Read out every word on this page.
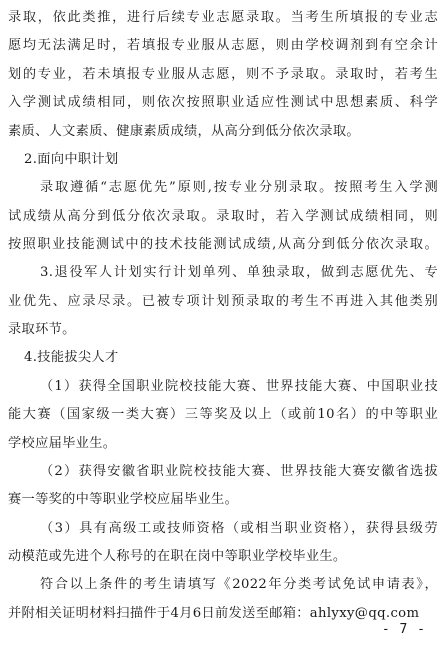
录取，依此类推，进行后续专业志愿录取。当考生所填报的专业志
愿均无法满足时，若填报专业服从志愿，则由学校调剂到有空余计
划的专业，若未填报专业服从志愿，则不予录取。录取时，若考生
入学测试成绩相同，则依次按照职业适应性测试中思想素质、科学
素质、人文素质、健康素质成绩，从高分到低分依次录取。
2.面向中职计划
录取遵循“志愿优先”原则,按专业分别录取。按照考生入学测
试成绩从高分到低分依次录取。录取时，若入学测试成绩相同，则
按照职业技能测试中的技术技能测试成绩,从高分到低分依次录取。
3.退役军人计划实行计划单列、单独录取，做到志愿优先、专
业优先、应录尽录。已被专项计划预录取的考生不再进入其他类别
录取环节。
4.技能拔尖人才
（1）获得全国职业院校技能大赛、世界技能大赛、中国职业技
能大赛（国家级一类大赛）三等奖及以上（或前10名）的中等职业
学校应届毕业生。
（2）获得安徽省职业院校技能大赛、世界技能大赛安徽省选拔
赛一等奖的中等职业学校应届毕业生。
（3）具有高级工或技师资格（或相当职业资格），获得县级劳
动模范或先进个人称号的在职在岗中等职业学校毕业生。
符合以上条件的考生请填写《2022年分类考试免试申请表》，
并附相关证明材料扫描件于4月6日前发送至邮箱：ahlyxy@qq.com
- 7 -
